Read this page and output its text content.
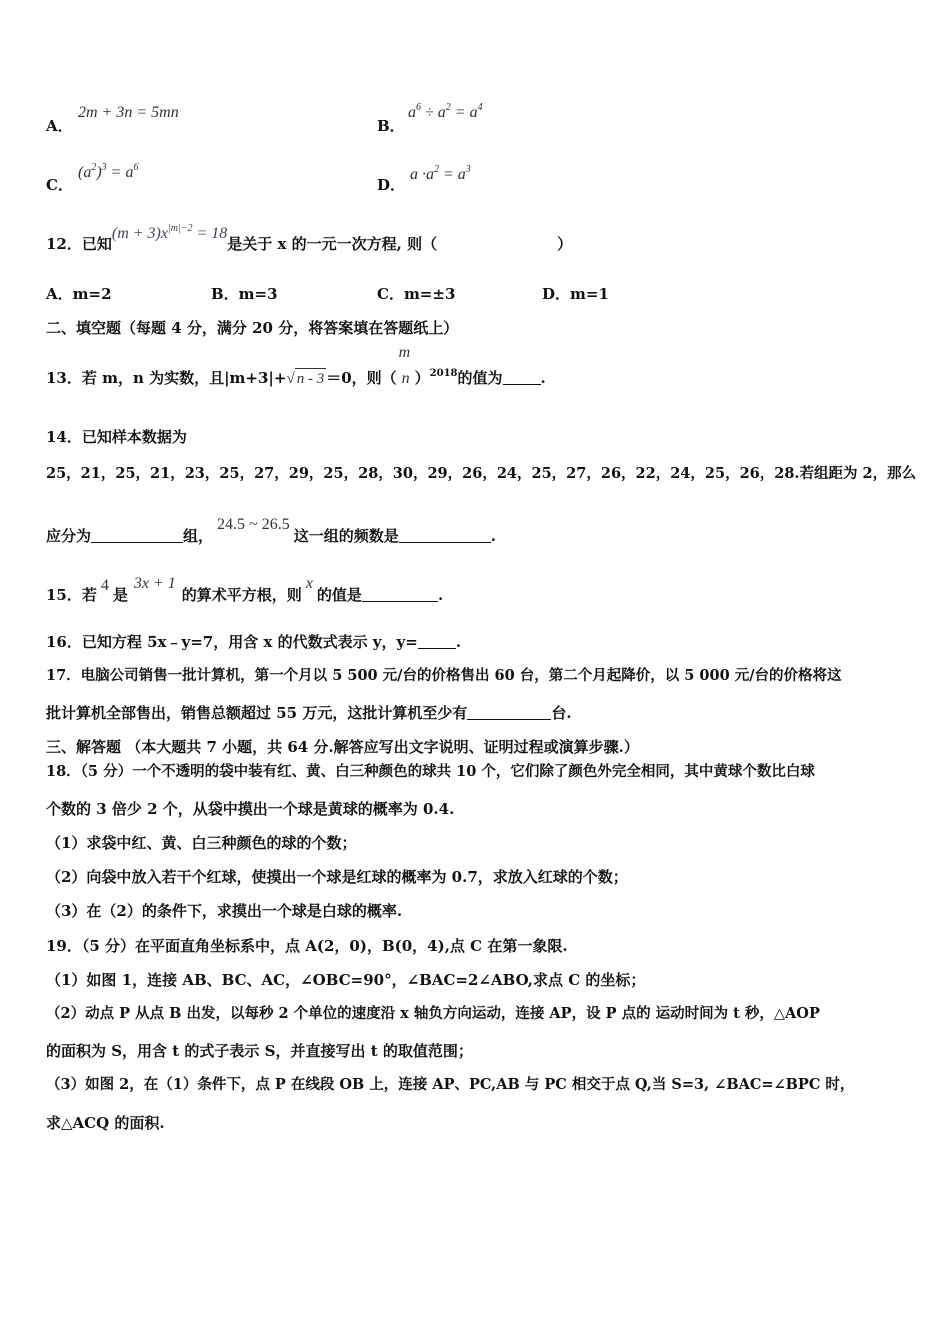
A．
2m + 3n = 5mn
B．
$a^6 \div a^2 = a^4$
C．
$(a^2)^3 = a^6$
D．
$a \cdot a^2 = a^3$
12．已知$(m + 3)x^{|m|-2} = 18$是关于 x 的一元一次方程, 则（	）
A．m=2	B．m=3	C．m=±3	D．m=1
二、填空题（每题 4 分，满分 20 分，将答案填在答题纸上）
13．若 m，n 为实数，且|m+3|+√ n - 3 ＝0，则（
m
n ）$^{2018}$的值为	.
14．已知样本数据为
25，21，25，21，23，25，27，29，25，28，30，29，26，24，25，27，26，22，24，25，26，28.若组距为 2，那么
应分为	组，24.5 ~ 26.5这一组的频数是	.
15．若4是3x + 1的算术平方根，则x的值是	.
16．已知方程 5x﹣y=7，用含 x 的代数式表示 y，y=	.
17．电脑公司销售一批计算机，第一个月以 5 500 元/台的价格售出 60 台，第二个月起降价，以 5 000 元/台的价格将这
批计算机全部售出，销售总额超过 55 万元，这批计算机至少有	台.
三、解答题 （本大题共 7 小题，共 64 分.解答应写出文字说明、证明过程或演算步骤.）
18．（5 分）一个不透明的袋中装有红、黄、白三种颜色的球共 10 个，它们除了颜色外完全相同，其中黄球个数比白球
个数的 3 倍少 2 个，从袋中摸出一个球是黄球的概率为 0.4.
（1）求袋中红、黄、白三种颜色的球的个数；
（2）向袋中放入若干个红球，使摸出一个球是红球的概率为 0.7，求放入红球的个数；
（3）在（2）的条件下，求摸出一个球是白球的概率.
19．（5 分）在平面直角坐标系中，点 A(2，0)，B(0，4),点 C 在第一象限.
（1）如图 1，连接 AB、BC、AC，∠OBC=90°，∠BAC=2∠ABO,求点 C 的坐标；
（2）动点 P 从点 B 出发，以每秒 2 个单位的速度沿 x 轴负方向运动，连接 AP，设 P 点的 运动时间为 t 秒，△AOP
的面积为 S，用含 t 的式子表示 S，并直接写出 t 的取值范围；
（3）如图 2，在（1）条件下，点 P 在线段 OB 上，连接 AP、PC,AB 与 PC 相交于点 Q,当 S=3, ∠BAC=∠BPC 时，
求△ACQ 的面积.
